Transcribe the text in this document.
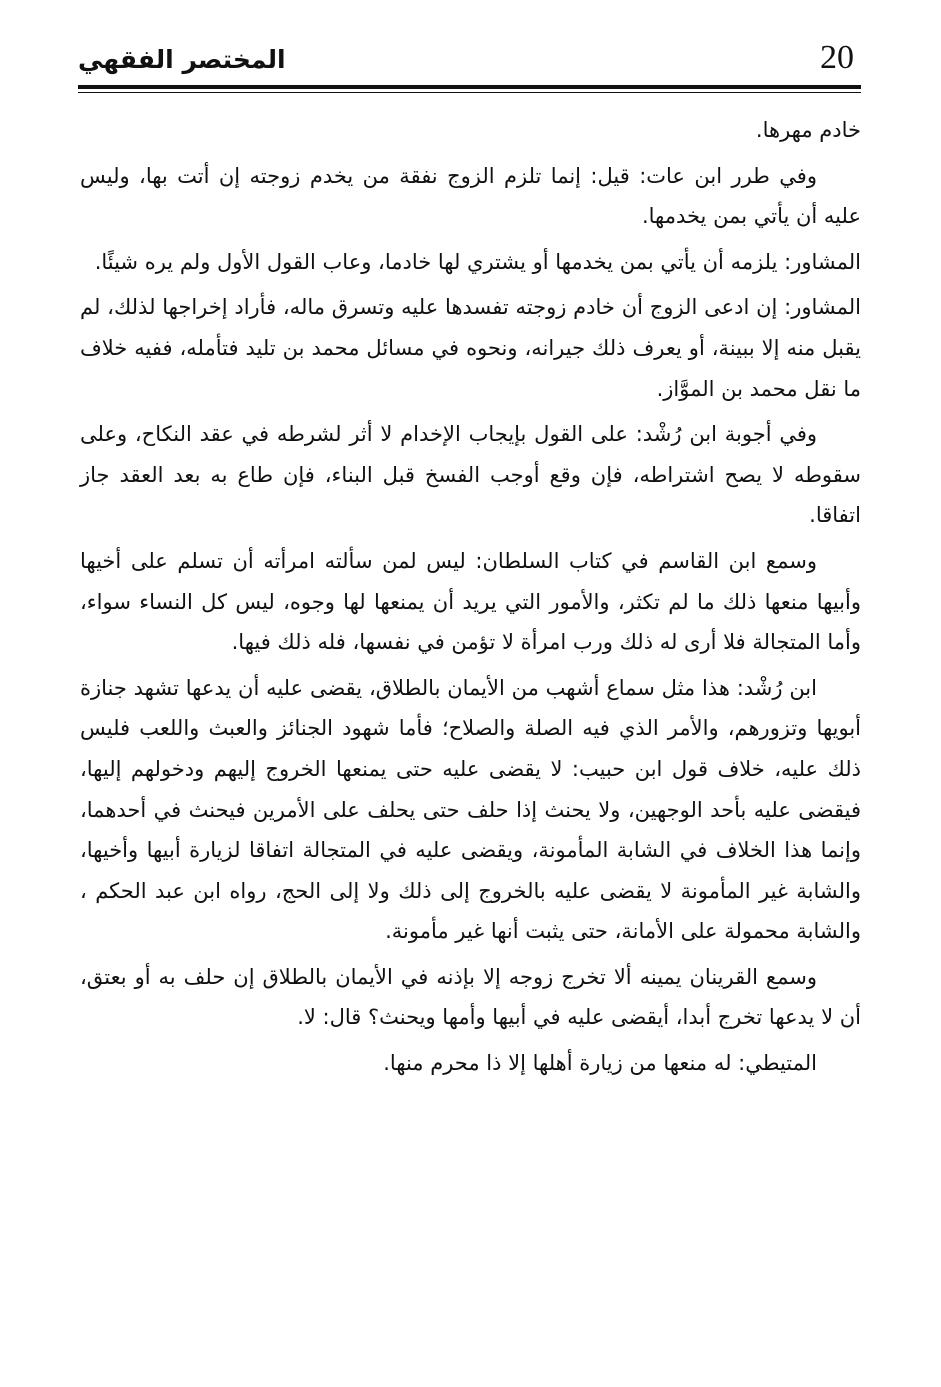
المختصر الفقهي	20

خادم مهرها.

وفي طرر ابن عات: قيل: إنما تلزم الزوج نفقة من يخدم زوجته إن أتت بها، وليس عليه أن يأتي بمن يخدمها.

المشاور: يلزمه أن يأتي بمن يخدمها أو يشتري لها خادما، وعاب القول الأول ولم يره شيئًا.

المشاور: إن ادعى الزوج أن خادم زوجته تفسدها عليه وتسرق ماله، فأراد إخراجها لذلك، لم يقبل منه إلا ببينة، أو يعرف ذلك جيرانه، ونحوه في مسائل محمد بن تليد فتأمله، ففيه خلاف ما نقل محمد بن الموَّاز.

وفي أجوبة ابن رُشْد: على القول بإيجاب الإخدام لا أثر لشرطه في عقد النكاح، وعلى سقوطه لا يصح اشتراطه، فإن وقع أوجب الفسخ قبل البناء، فإن طاع به بعد العقد جاز اتفاقا.

وسمع ابن القاسم في كتاب السلطان: ليس لمن سألته امرأته أن تسلم على أخيها وأبيها منعها ذلك ما لم تكثر، والأمور التي يريد أن يمنعها لها وجوه، ليس كل النساء سواء، وأما المتجالة فلا أرى له ذلك ورب امرأة لا تؤمن في نفسها، فله ذلك فيها.

ابن رُشْد: هذا مثل سماع أشهب من الأيمان بالطلاق، يقضى عليه أن يدعها تشهد جنازة أبويها وتزورهم، والأمر الذي فيه الصلة والصلاح؛ فأما شهود الجنائز والعبث واللعب فليس ذلك عليه، خلاف قول ابن حبيب: لا يقضى عليه حتى يمنعها الخروج إليهم ودخولهم إليها، فيقضى عليه بأحد الوجهين، ولا يحنث إذا حلف حتى يحلف على الأمرين فيحنث في أحدهما، وإنما هذا الخلاف في الشابة المأمونة، ويقضى عليه في المتجالة اتفاقا لزيارة أبيها وأخيها، والشابة غير المأمونة لا يقضى عليه بالخروج إلى ذلك ولا إلى الحج، رواه ابن عبد الحكم ، والشابة محمولة على الأمانة، حتى يثبت أنها غير مأمونة.

وسمع القرينان يمينه ألا تخرج زوجه إلا بإذنه في الأيمان بالطلاق إن حلف به أو بعتق، أن لا يدعها تخرج أبدا، أيقضى عليه في أبيها وأمها ويحنث؟ قال: لا.

المتيطي: له منعها من زيارة أهلها إلا ذا محرم منها.
